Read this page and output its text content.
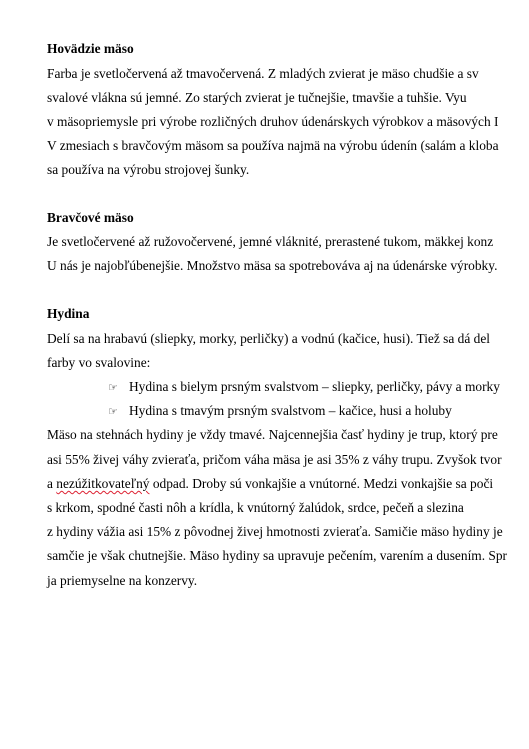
Hovädzie mäso
Farba je svetločervená až tmavočervená. Z mladých zvierat je mäso chudšie a sv
svalové vlákna sú jemné. Zo starých zvierat je tučnejšie, tmavšie a tuhšie. Vyu
v mäsopriemysle pri výrobe rozličných druhov údenárskych výrobkov a mäsových I
V zmesiach s bravčovým mäsom sa používa najmä na výrobu údenín (salám a kloba
sa používa na výrobu strojovej šunky.
Bravčové mäso
Je svetločervené až ružovočervené, jemné vláknité, prerastené tukom, mäkkej konz
U nás je najobľúbenejšie. Množstvo mäsa sa spotrebováva aj na údenárske výrobky.
Hydina
Delí sa na hrabavú (sliepky, morky, perličky) a vodnú (kačice, husi). Tiež sa dá del
farby vo svalovine:
☞ Hydina s bielym prsným svalstvom – sliepky, perličky, pávy a morky
☞ Hydina s tmavým prsným svalstvom – kačice, husi a holuby
Mäso na stehnách hydiny je vždy tmavé. Najcennejšia časť hydiny je trup, ktorý pre
asi 55% živej váhy zvieraťa, pričom váha mäsa je asi 35% z váhy trupu. Zvyšok tvor
a nezúžitkovateľný odpad. Droby sú vonkajšie a vnútorné. Medzi vonkajšie sa poči
s krkom, spodné časti nôh a krídla, k vnútorný žalúdok, srdce, pečeň a slezina
z hydiny vážia asi 15% z pôvodnej živej hmotnosti zvieraťa. Samičie mäso hydiny je
samčie je však chutnejšie. Mäso hydiny sa upravuje pečením, varením a dusením. Spr
ja priemyselne na konzervy.
